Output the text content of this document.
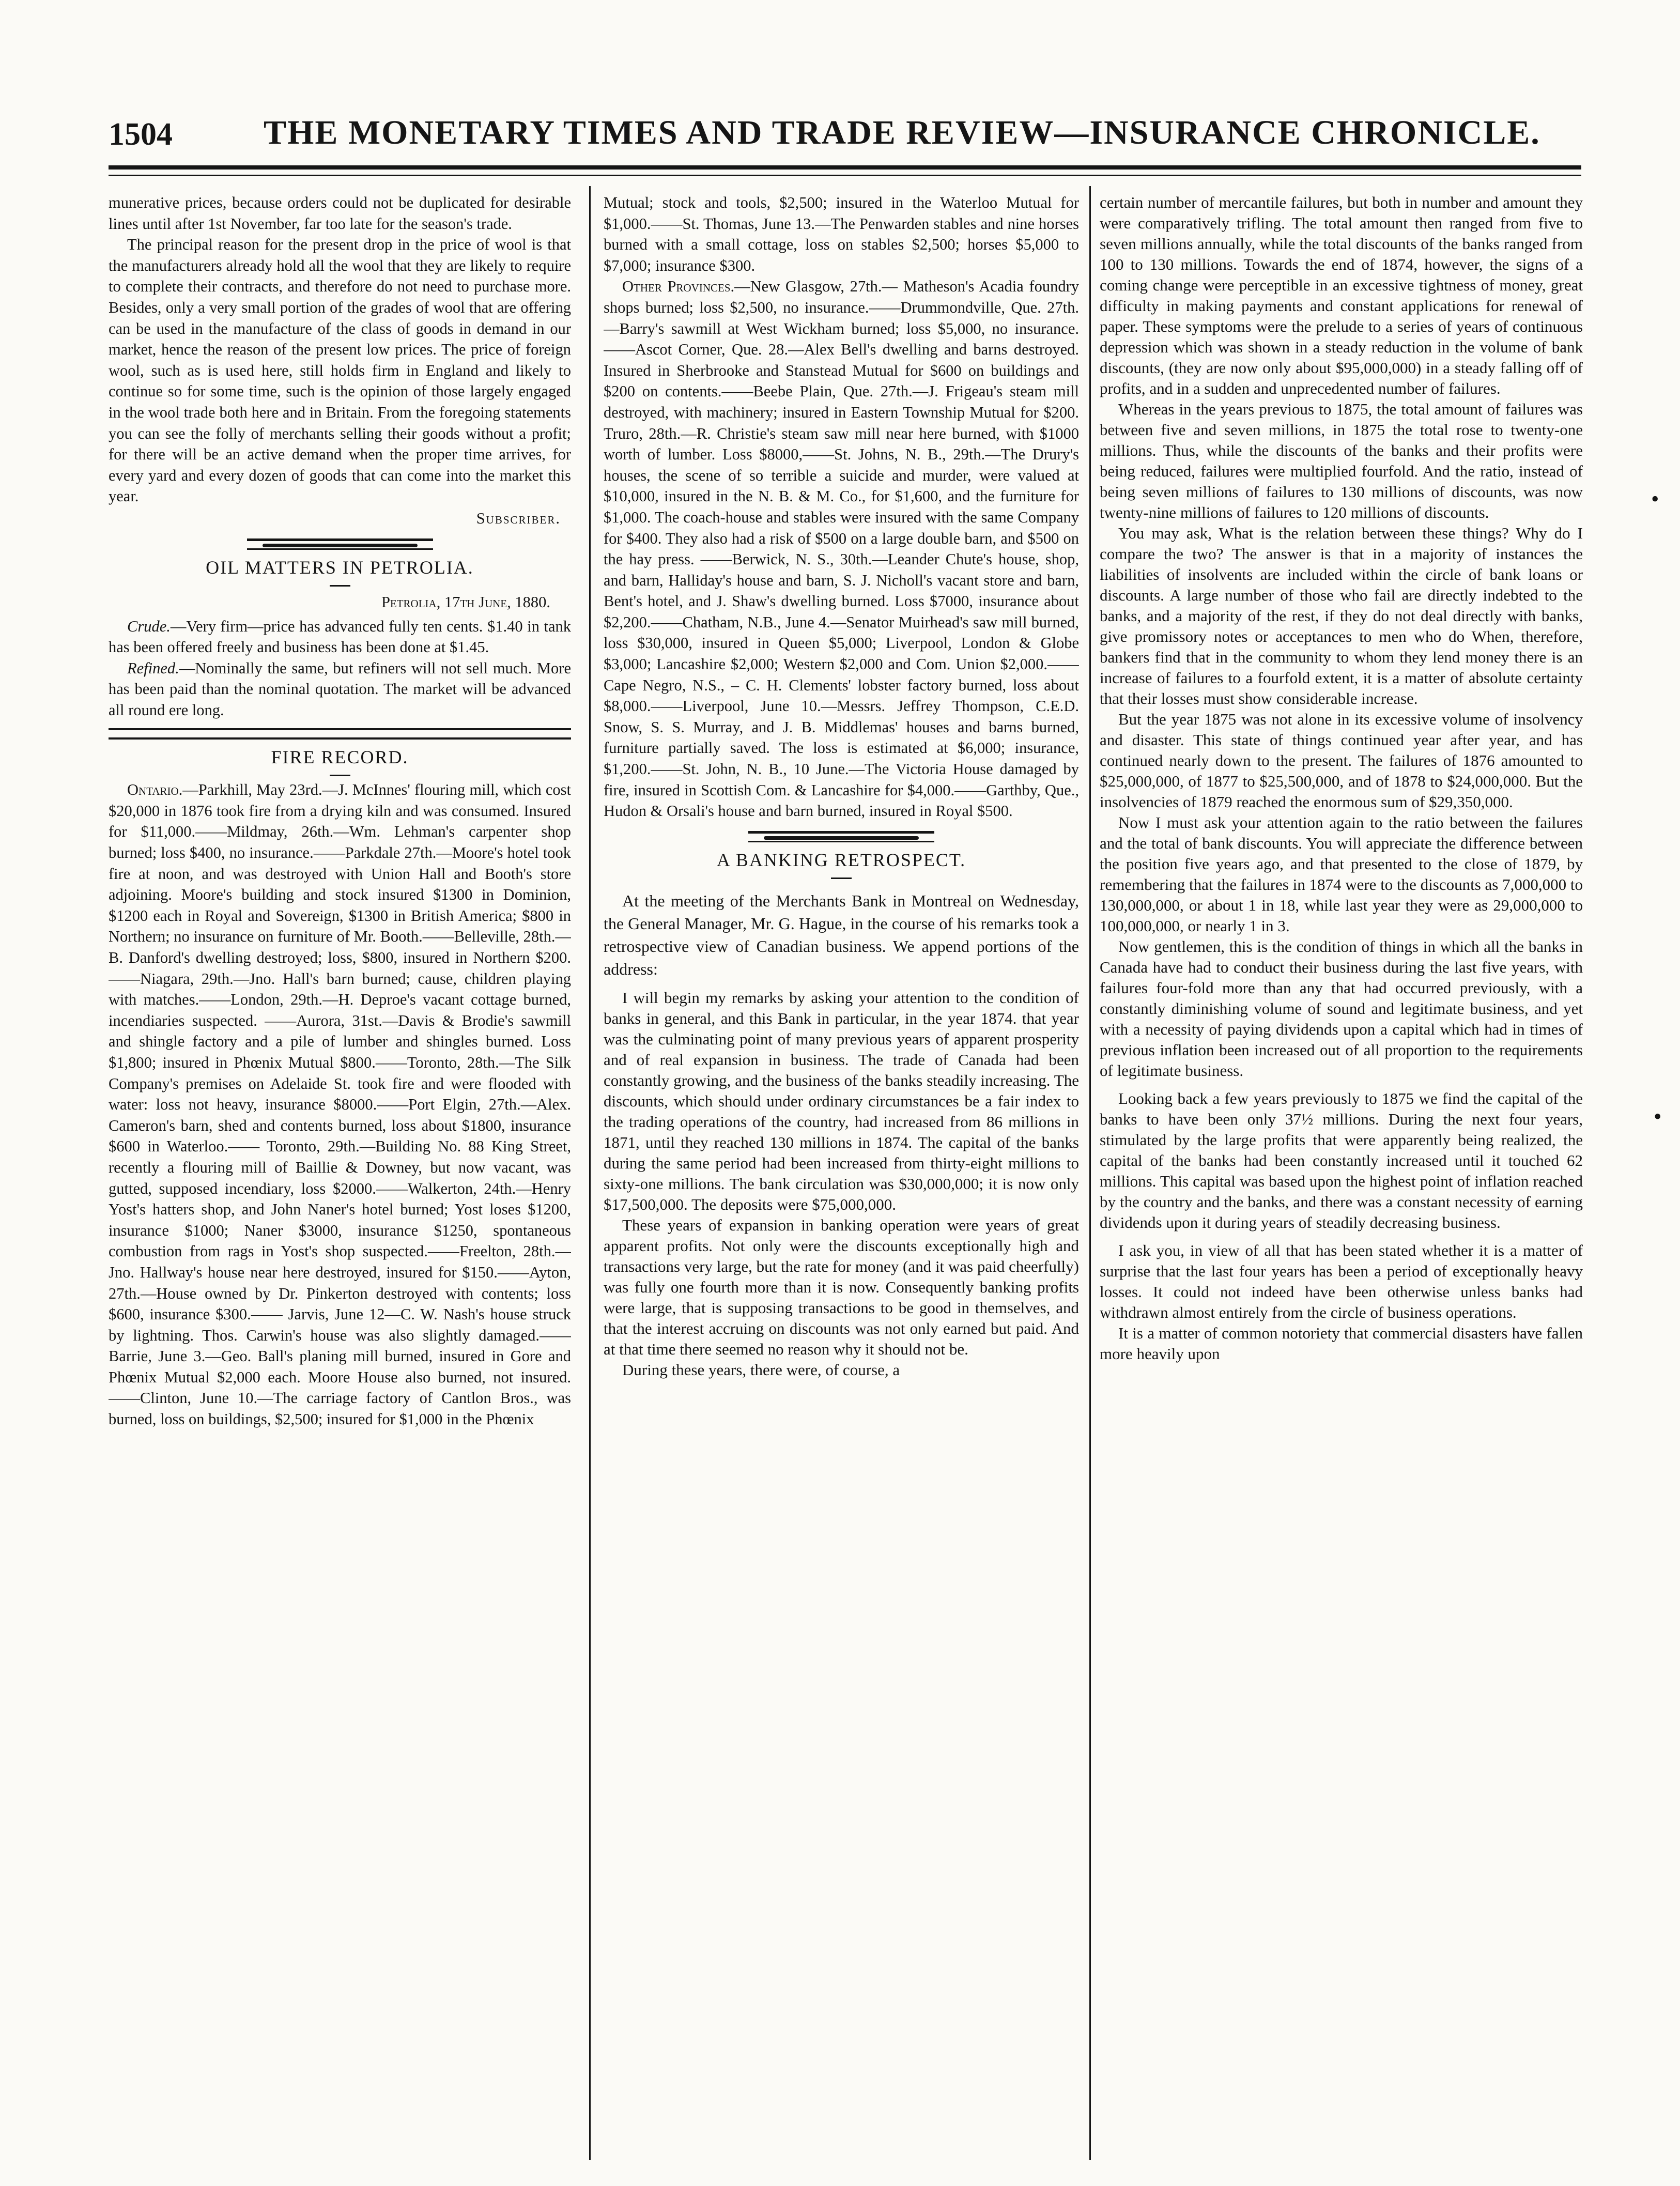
1504	THE MONETARY TIMES AND TRADE REVIEW—INSURANCE CHRONICLE.

munerative prices, because orders could not be duplicated for desirable lines until after 1st November, far too late for the season's trade.

The principal reason for the present drop in the price of wool is that the manufacturers already hold all the wool that they are likely to require to complete their contracts, and therefore do not need to purchase more. Besides, only a very small portion of the grades of wool that are offering can be used in the manufacture of the class of goods in demand in our market, hence the reason of the present low prices. The price of foreign wool, such as is used here, still holds firm in England and likely to continue so for some time, such is the opinion of those largely engaged in the wool trade both here and in Britain. From the foregoing statements you can see the folly of merchants selling their goods without a profit; for there will be an active demand when the proper time arrives, for every yard and every dozen of goods that can come into the market this year.

Subscriber.
OIL MATTERS IN PETROLIA.
Petrolia, 17th June, 1880.

Crude.—Very firm—price has advanced fully ten cents. $1.40 in tank has been offered freely and business has been done at $1.45.

Refined.—Nominally the same, but refiners will not sell much. More has been paid than the nominal quotation. The market will be advanced all round ere long.

FIRE RECORD.

Ontario.—Parkhill, May 23rd.—J. McInnes' flouring mill, which cost $20,000 in 1876 took fire from a drying kiln and was consumed. Insured for $11,000.——Mildmay, 26th.—Wm. Lehman's carpenter shop burned; loss $400, no insurance.——Parkdale 27th.—Moore's hotel took fire at noon, and was destroyed with Union Hall and Booth's store adjoining. Moore's building and stock insured $1300 in Dominion, $1200 each in Royal and Sovereign, $1300 in British America; $800 in Northern; no insurance on furniture of Mr. Booth.——Belleville, 28th.—B. Danford's dwelling destroyed; loss, $800, insured in Northern $200.——Niagara, 29th.—Jno. Hall's barn burned; cause, children playing with matches.——London, 29th.—H. Deproe's vacant cottage burned, incendiaries suspected. ——Aurora, 31st.—Davis & Brodie's sawmill and shingle factory and a pile of lumber and shingles burned. Loss $1,800; insured in Phœnix Mutual $800.——Toronto, 28th.—The Silk Company's premises on Adelaide St. took fire and were flooded with water: loss not heavy, insurance $8000.——Port Elgin, 27th.—Alex. Cameron's barn, shed and contents burned, loss about $1800, insurance $600 in Waterloo.—— Toronto, 29th.—Building No. 88 King Street, recently a flouring mill of Baillie & Downey, but now vacant, was gutted, supposed incendiary, loss $2000.——Walkerton, 24th.—Henry Yost's hatters shop, and John Naner's hotel burned; Yost loses $1200, insurance $1000; Naner $3000, insurance $1250, spontaneous combustion from rags in Yost's shop suspected.——Freelton, 28th.—Jno. Hallway's house near here destroyed, insured for $150.——Ayton, 27th.—House owned by Dr. Pinkerton destroyed with contents; loss $600, insurance $300.—— Jarvis, June 12—C. W. Nash's house struck by lightning. Thos. Carwin's house was also slightly damaged.—— Barrie, June 3.—Geo. Ball's planing mill burned, insured in Gore and Phœnix Mutual $2,000 each. Moore House also burned, not insured. ——Clinton, June 10.—The carriage factory of Cantlon Bros., was burned, loss on buildings, $2,500; insured for $1,000 in the Phœnix

Mutual; stock and tools, $2,500; insured in the Waterloo Mutual for $1,000.——St. Thomas, June 13.—The Penwarden stables and nine horses burned with a small cottage, loss on stables $2,500; horses $5,000 to $7,000; insurance $300.

Other Provinces.—New Glasgow, 27th.— Matheson's Acadia foundry shops burned; loss $2,500, no insurance.——Drummondville, Que. 27th.—Barry's sawmill at West Wickham burned; loss $5,000, no insurance.——Ascot Corner, Que. 28.—Alex Bell's dwelling and barns destroyed. Insured in Sherbrooke and Stanstead Mutual for $600 on buildings and $200 on contents.——Beebe Plain, Que. 27th.—J. Frigeau's steam mill destroyed, with machinery; insured in Eastern Township Mutual for $200. Truro, 28th.—R. Christie's steam saw mill near here burned, with $1000 worth of lumber. Loss $8000,——St. Johns, N. B., 29th.—The Drury's houses, the scene of so terrible a suicide and murder, were valued at $10,000, insured in the N. B. & M. Co., for $1,600, and the furniture for $1,000. The coach-house and stables were insured with the same Company for $400. They also had a risk of $500 on a large double barn, and $500 on the hay press. ——Berwick, N. S., 30th.—Leander Chute's house, shop, and barn, Halliday's house and barn, S. J. Nicholl's vacant store and barn, Bent's hotel, and J. Shaw's dwelling burned. Loss $7000, insurance about $2,200.——Chatham, N.B., June 4.—Senator Muirhead's saw mill burned, loss $30,000, insured in Queen $5,000; Liverpool, London & Globe $3,000; Lancashire $2,000; Western $2,000 and Com. Union $2,000.——Cape Negro, N.S., – C. H. Clements' lobster factory burned, loss about $8,000.——Liverpool, June 10.—Messrs. Jeffrey Thompson, C.E.D. Snow, S. S. Murray, and J. B. Middlemas' houses and barns burned, furniture partially saved. The loss is estimated at $6,000; insurance, $1,200.——St. John, N. B., 10 June.—The Victoria House damaged by fire, insured in Scottish Com. & Lancashire for $4,000.——Garthby, Que., Hudon & Orsali's house and barn burned, insured in Royal $500.

A BANKING RETROSPECT.

At the meeting of the Merchants Bank in Montreal on Wednesday, the General Manager, Mr. G. Hague, in the course of his remarks took a retrospective view of Canadian business. We append portions of the address:

I will begin my remarks by asking your attention to the condition of banks in general, and this Bank in particular, in the year 1874. that year was the culminating point of many previous years of apparent prosperity and of real expansion in business. The trade of Canada had been constantly growing, and the business of the banks steadily increasing. The discounts, which should under ordinary circumstances be a fair index to the trading operations of the country, had increased from 86 millions in 1871, until they reached 130 millions in 1874. The capital of the banks during the same period had been increased from thirty-eight millions to sixty-one millions. The bank circulation was $30,000,000; it is now only $17,500,000. The deposits were $75,000,000.

These years of expansion in banking operation were years of great apparent profits. Not only were the discounts exceptionally high and transactions very large, but the rate for money (and it was paid cheerfully) was fully one fourth more than it is now. Consequently banking profits were large, that is supposing transactions to be good in themselves, and that the interest accruing on discounts was not only earned but paid. And at that time there seemed no reason why it should not be.

During these years, there were, of course, a

certain number of mercantile failures, but both in number and amount they were comparatively trifling. The total amount then ranged from five to seven millions annually, while the total discounts of the banks ranged from 100 to 130 millions. Towards the end of 1874, however, the signs of a coming change were perceptible in an excessive tightness of money, great difficulty in making payments and constant applications for renewal of paper. These symptoms were the prelude to a series of years of continuous depression which was shown in a steady reduction in the volume of bank discounts, (they are now only about $95,000,000) in a steady falling off of profits, and in a sudden and unprecedented number of failures.

Whereas in the years previous to 1875, the total amount of failures was between five and seven millions, in 1875 the total rose to twenty-one millions. Thus, while the discounts of the banks and their profits were being reduced, failures were multiplied fourfold. And the ratio, instead of being seven millions of failures to 130 millions of discounts, was now twenty-nine millions of failures to 120 millions of discounts.

You may ask, What is the relation between these things? Why do I compare the two? The answer is that in a majority of instances the liabilities of insolvents are included within the circle of bank loans or discounts. A large number of those who fail are directly indebted to the banks, and a majority of the rest, if they do not deal directly with banks, give promissory notes or acceptances to men who do When, therefore, bankers find that in the community to whom they lend money there is an increase of failures to a fourfold extent, it is a matter of absolute certainty that their losses must show considerable increase.

But the year 1875 was not alone in its excessive volume of insolvency and disaster. This state of things continued year after year, and has continued nearly down to the present. The failures of 1876 amounted to $25,000,000, of 1877 to $25,500,000, and of 1878 to $24,000,000. But the insolvencies of 1879 reached the enormous sum of $29,350,000.

Now I must ask your attention again to the ratio between the failures and the total of bank discounts. You will appreciate the difference between the position five years ago, and that presented to the close of 1879, by remembering that the failures in 1874 were to the discounts as 7,000,000 to 130,000,000, or about 1 in 18, while last year they were as 29,000,000 to 100,000,000, or nearly 1 in 3.

Now gentlemen, this is the condition of things in which all the banks in Canada have had to conduct their business during the last five years, with failures four-fold more than any that had occurred previously, with a constantly diminishing volume of sound and legitimate business, and yet with a necessity of paying dividends upon a capital which had in times of previous inflation been increased out of all proportion to the requirements of legitimate business.

Looking back a few years previously to 1875 we find the capital of the banks to have been only 37½ millions. During the next four years, stimulated by the large profits that were apparently being realized, the capital of the banks had been constantly increased until it touched 62 millions. This capital was based upon the highest point of inflation reached by the country and the banks, and there was a constant necessity of earning dividends upon it during years of steadily decreasing business.

I ask you, in view of all that has been stated whether it is a matter of surprise that the last four years has been a period of exceptionally heavy losses. It could not indeed have been otherwise unless banks had withdrawn almost entirely from the circle of business operations.

It is a matter of common notoriety that commercial disasters have fallen more heavily upon

•
•
